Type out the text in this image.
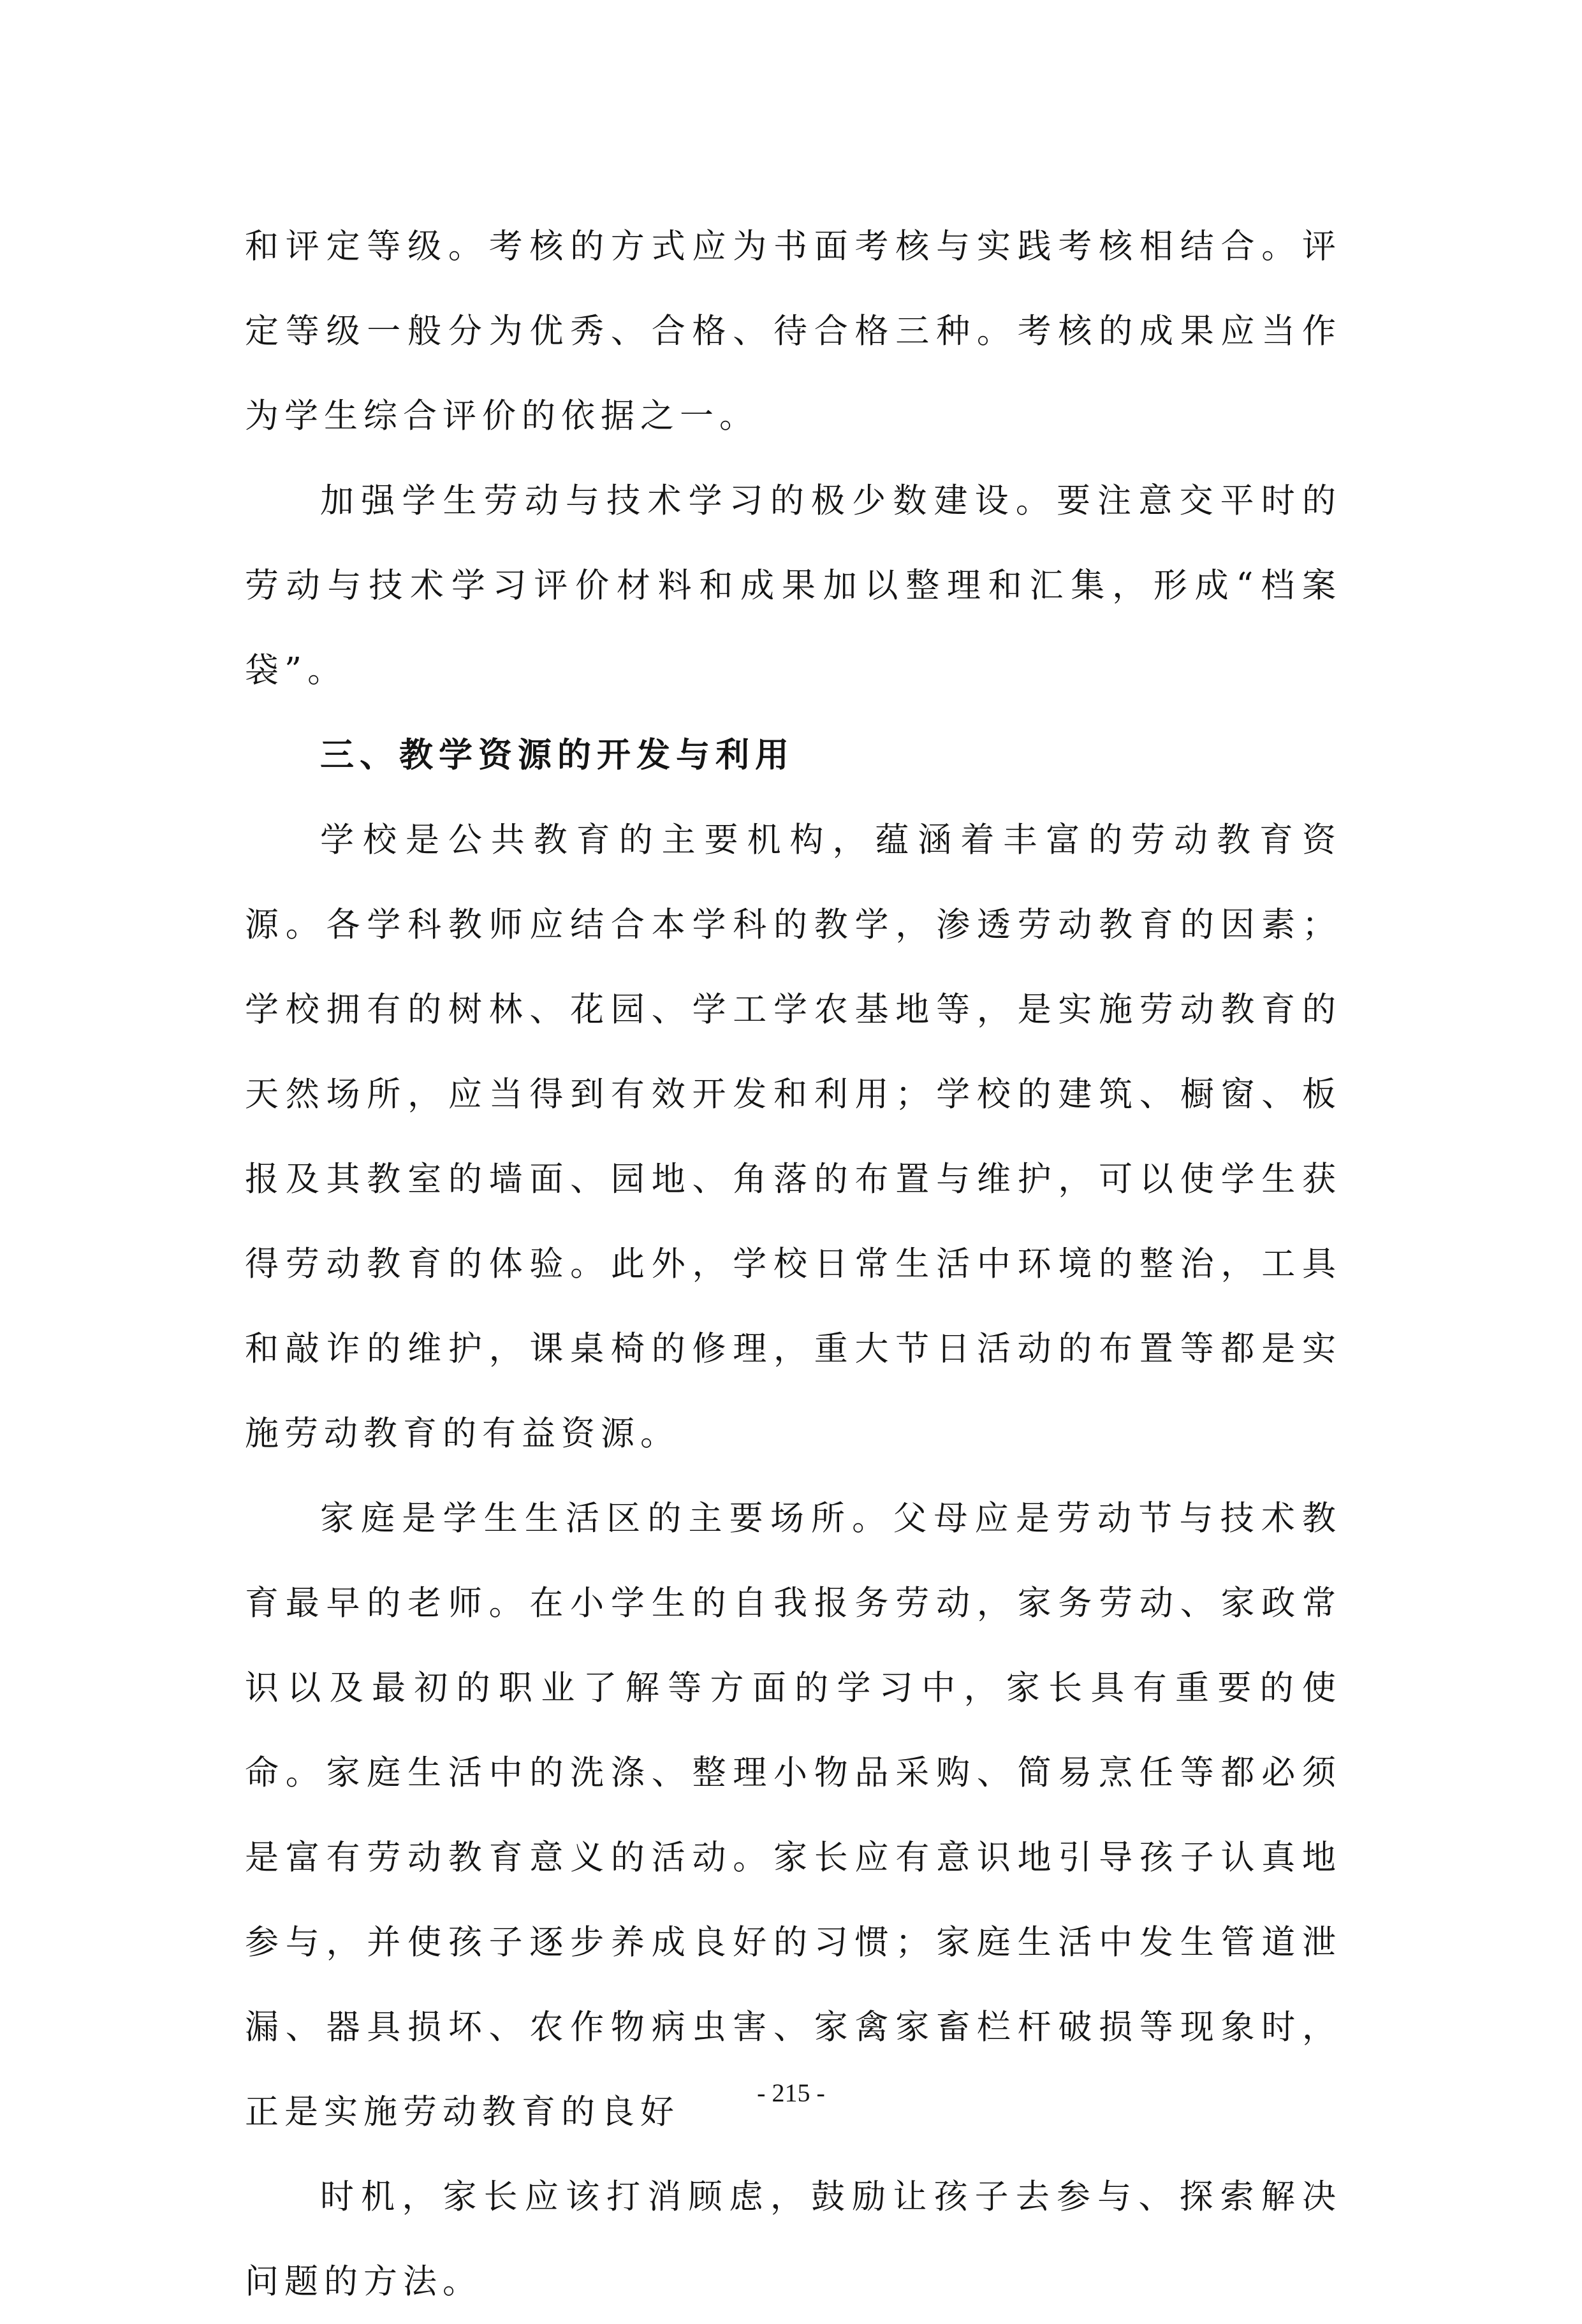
和评定等级。考核的方式应为书面考核与实践考核相结合。评定等级一般分为优秀、合格、待合格三种。考核的成果应当作为学生综合评价的依据之一。

加强学生劳动与技术学习的极少数建设。要注意交平时的劳动与技术学习评价材料和成果加以整理和汇集，形成“档案袋”。

三、教学资源的开发与利用

学校是公共教育的主要机构，蕴涵着丰富的劳动教育资源。各学科教师应结合本学科的教学，渗透劳动教育的因素；学校拥有的树林、花园、学工学农基地等，是实施劳动教育的天然场所，应当得到有效开发和利用；学校的建筑、橱窗、板报及其教室的墙面、园地、角落的布置与维护，可以使学生获得劳动教育的体验。此外，学校日常生活中环境的整治，工具和敲诈的维护，课桌椅的修理，重大节日活动的布置等都是实施劳动教育的有益资源。

家庭是学生生活区的主要场所。父母应是劳动节与技术教育最早的老师。在小学生的自我报务劳动，家务劳动、家政常识以及最初的职业了解等方面的学习中，家长具有重要的使命。家庭生活中的洗涤、整理小物品采购、简易烹任等都必须是富有劳动教育意义的活动。家长应有意识地引导孩子认真地参与，并使孩子逐步养成良好的习惯；家庭生活中发生管道泄漏、器具损坏、农作物病虫害、家禽家畜栏杆破损等现象时，正是实施劳动教育的良好

时机，家长应该打消顾虑，鼓励让孩子去参与、探索解决问题的方法。

- 215 -
